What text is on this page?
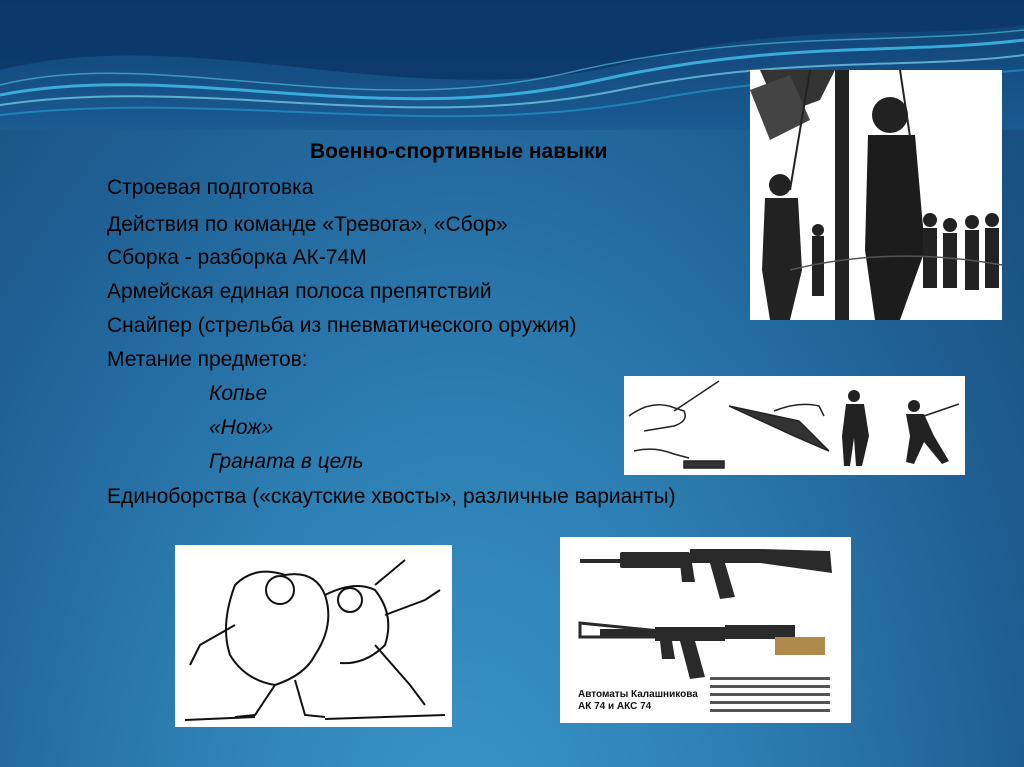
Военно-спортивные навыки
Строевая подготовка
Действия по команде «Тревога», «Сбор»
Сборка - разборка АК-74М
Армейская единая полоса препятствий
Снайпер (стрельба из пневматического оружия)
Метание предметов:
Копье
«Нож»
Граната в цель
Единоборства («скаутские хвосты», различные варианты)
Автоматы Калашникова
АК 74 и АКС 74
